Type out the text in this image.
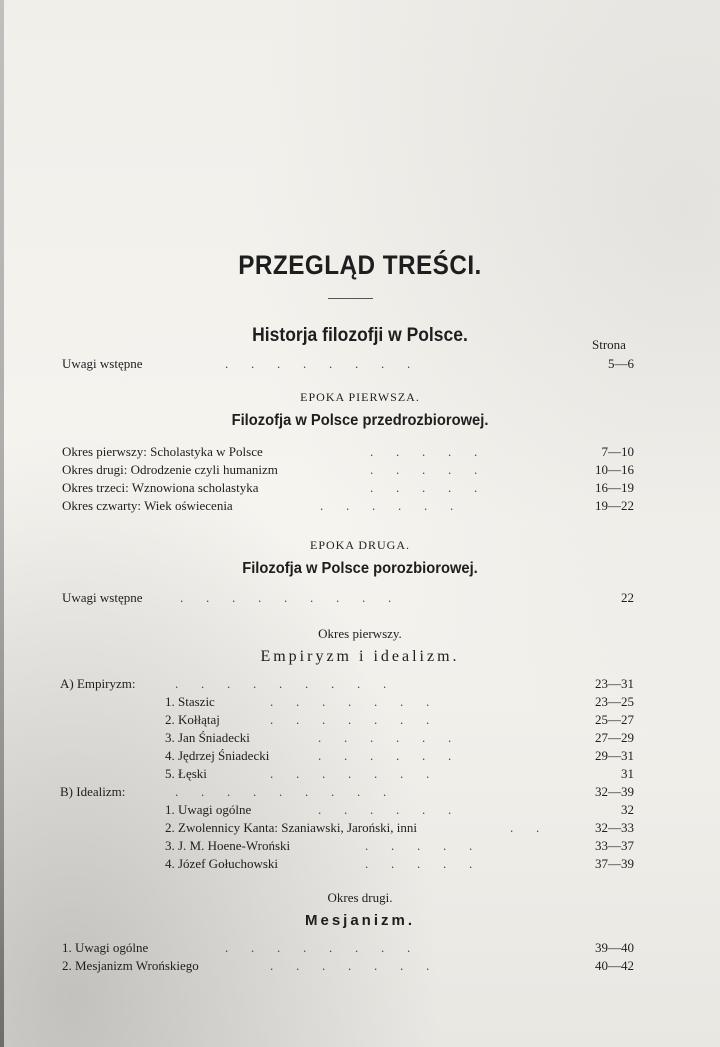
PRZEGLĄD TREŚCI.
Historja filozofji w Polsce.	Strona
Uwagi wstępne	.       .       .       .       .       .       .       .	5—6
EPOKA PIERWSZA.
Filozofja w Polsce przedrozbiorowej.
Okres pierwszy: Scholastyka w Polsce	.       .       .       .       .	7—10
Okres drugi: Odrodzenie czyli humanizm	.       .       .       .       .	10—16
Okres trzeci: Wznowiona scholastyka	.       .       .       .       .	16—19
Okres czwarty: Wiek oświecenia	.       .       .       .       .       .	19—22
EPOKA DRUGA.
Filozofja w Polsce porozbiorowej.
Uwagi wstępne	.       .       .       .       .       .       .       .       .	22
Okres pierwszy.
Empiryzm i idealizm.
A) Empiryzm:	.       .       .       .       .       .       .       .       .	23—31
1. Staszic	.       .       .       .       .       .       .	23—25
2. Kołłątaj	.       .       .       .       .       .       .	25—27
3. Jan Śniadecki	.       .       .       .       .       .	27—29
4. Jędrzej Śniadecki	.       .       .       .       .       .	29—31
5. Łęski	.       .       .       .       .       .       .	31
B) Idealizm:	.       .       .       .       .       .       .       .       .	32—39
1. Uwagi ogólne	.       .       .       .       .       .	32
2. Zwolennicy Kanta: Szaniawski, Jaroński, inni	.       .	32—33
3. J. M. Hoene-Wroński	.       .       .       .       .	33—37
4. Józef Gołuchowski	.       .       .       .       .	37—39
Okres drugi.
Mesjanizm.
1. Uwagi ogólne	.       .       .       .       .       .       .       .	39—40
2. Mesjanizm Wrońskiego	.       .       .       .       .       .       .	40—42
